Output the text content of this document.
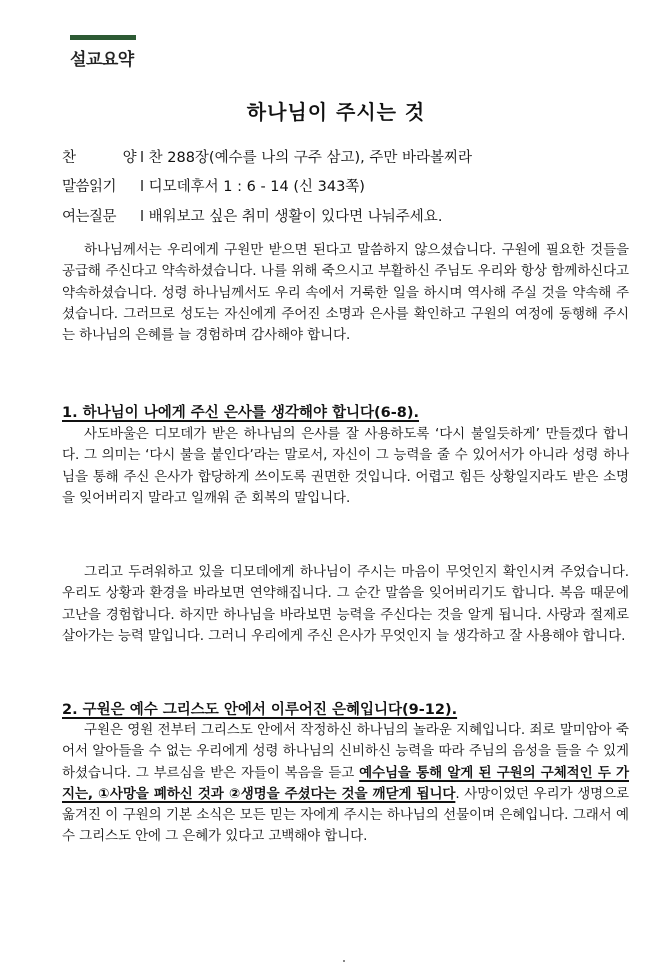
설교요약
하나님이 주시는 것
찬 양l 찬 288장(예수를 나의 구주 삼고), 주만 바라볼찌라
말씀읽기 l 디모데후서 1 : 6 - 14 (신 343쪽)
여는질문 l 배워보고 싶은 취미 생활이 있다면 나눠주세요.

하나님께서는 우리에게 구원만 받으면 된다고 말씀하지 않으셨습니다. 구원에 필요한 것들을 공급해 주신다고 약속하셨습니다. 나를 위해 죽으시고 부활하신 주님도 우리와 항상 함께하신다고 약속하셨습니다. 성령 하나님께서도 우리 속에서 거룩한 일을 하시며 역사해 주실 것을 약속해 주셨습니다. 그러므로 성도는 자신에게 주어진 소명과 은사를 확인하고 구원의 여정에 동행해 주시는 하나님의 은혜를 늘 경험하며 감사해야 합니다.

1. 하나님이 나에게 주신 은사를 생각해야 합니다(6-8).

사도바울은 디모데가 받은 하나님의 은사를 잘 사용하도록 ‘다시 불일듯하게’ 만들겠다 합니다. 그 의미는 ‘다시 불을 붙인다’라는 말로서, 자신이 그 능력을 줄 수 있어서가 아니라 성령 하나님을 통해 주신 은사가 합당하게 쓰이도록 권면한 것입니다. 어렵고 힘든 상황일지라도 받은 소명을 잊어버리지 말라고 일깨워 준 회복의 말입니다.

그리고 두려워하고 있을 디모데에게 하나님이 주시는 마음이 무엇인지 확인시켜 주었습니다. 우리도 상황과 환경을 바라보면 연약해집니다. 그 순간 말씀을 잊어버리기도 합니다. 복음 때문에 고난을 경험합니다. 하지만 하나님을 바라보면 능력을 주신다는 것을 알게 됩니다. 사랑과 절제로 살아가는 능력 말입니다. 그러니 우리에게 주신 은사가 무엇인지 늘 생각하고 잘 사용해야 합니다.

2. 구원은 예수 그리스도 안에서 이루어진 은혜입니다(9-12).

구원은 영원 전부터 그리스도 안에서 작정하신 하나님의 놀라운 지혜입니다. 죄로 말미암아 죽어서 알아들을 수 없는 우리에게 성령 하나님의 신비하신 능력을 따라 주님의 음성을 들을 수 있게 하셨습니다. 그 부르심을 받은 자들이 복음을 듣고 예수님을 통해 알게 된 구원의 구체적인 두 가지는, ①사망을 폐하신 것과 ②생명을 주셨다는 것을 깨닫게 됩니다. 사망이었던 우리가 생명으로 옮겨진 이 구원의 기본 소식은 모든 믿는 자에게 주시는 하나님의 선물이며 은혜입니다. 그래서 예수 그리스도 안에 그 은혜가 있다고 고백해야 합니다.
